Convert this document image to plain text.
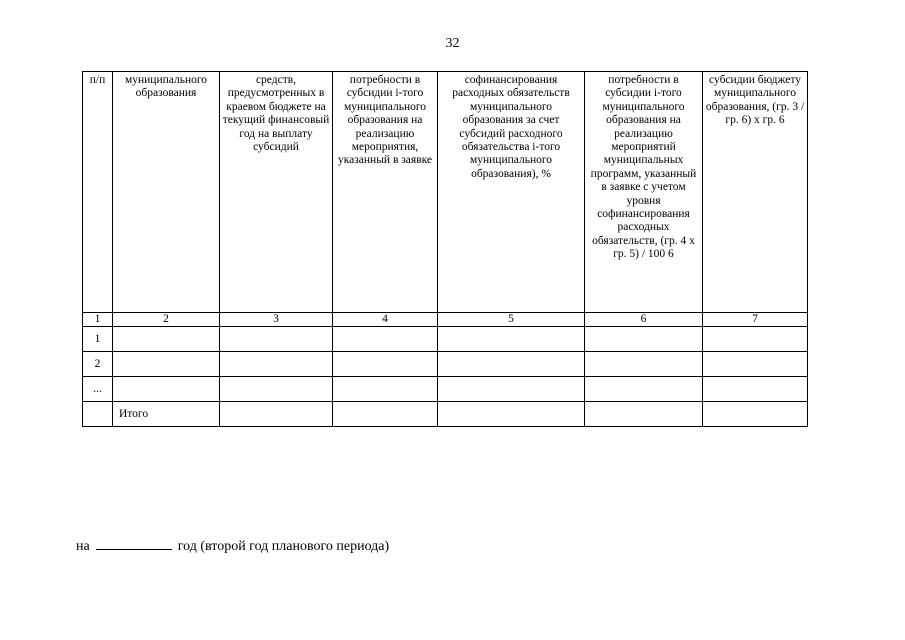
32
п/п	муниципального образования	средств, предусмотренных в краевом бюджете на текущий финансовый год на выплату субсидий	потребности в субсидии i-того муниципального образования на реализацию мероприятия, указанный в заявке	софинансирования расходных обязательств муниципального образования за счет субсидий расходного обязательства i-того муниципального образования), %	потребности в субсидии i-того муниципального образования на реализацию мероприятий муниципальных программ, указанный в заявке с учетом уровня софинансирования расходных обязательств, (гр. 4 x гр. 5) / 100 6	субсидии бюджету муниципального образования, (гр. 3 / гр. 6) x гр. 6
1	2	3	4	5	6	7
1						
2						
...						
	Итого					
на	год (второй год планового периода)
